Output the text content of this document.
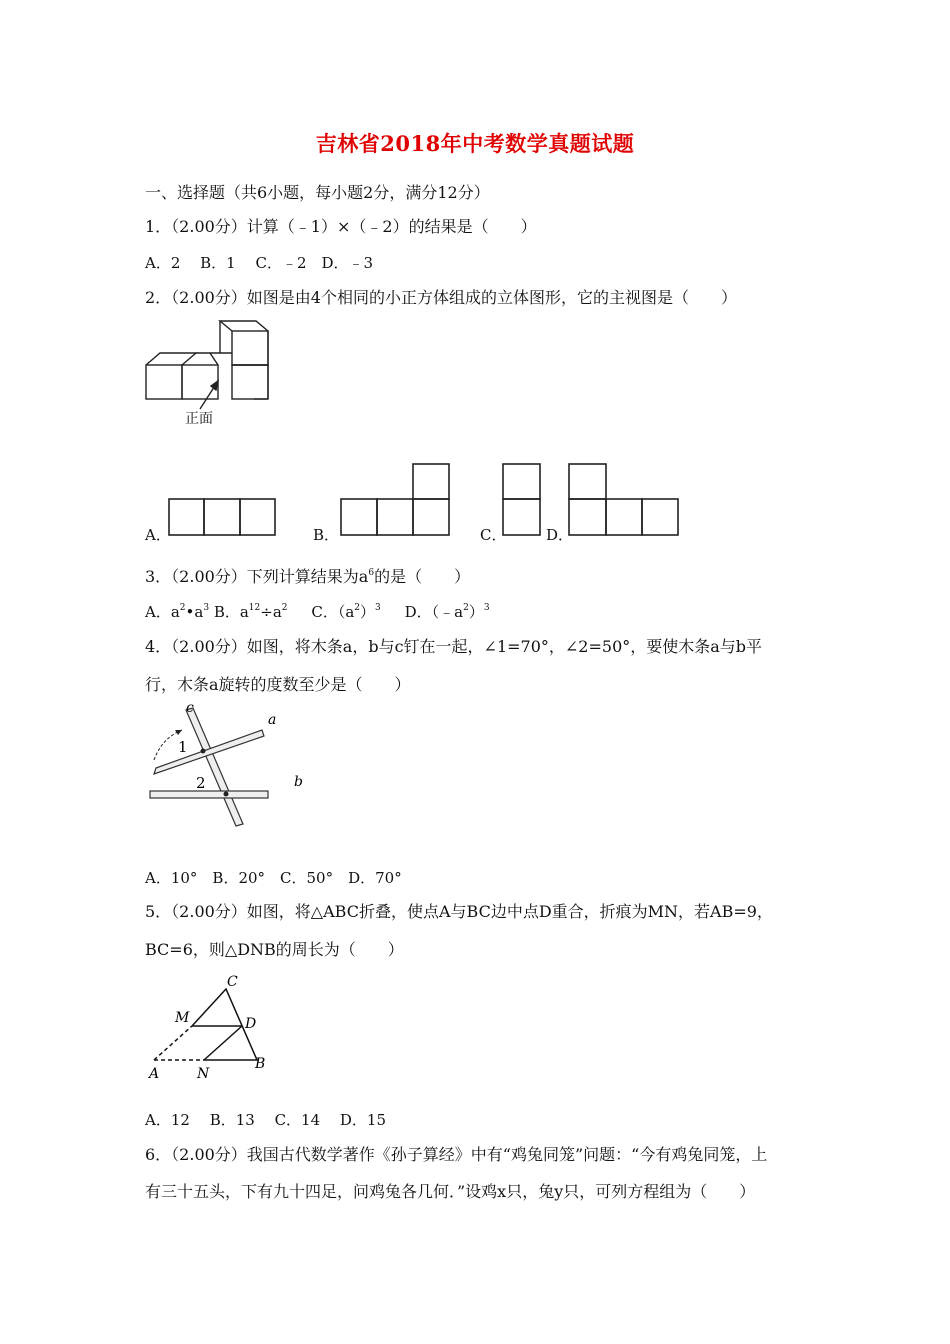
吉林省2018年中考数学真题试题
一、选择题（共6小题，每小题2分，满分12分）
1．（2.00分）计算（﹣1）×（﹣2）的结果是（　　）
A．2　 B．1　 C．﹣2　D．﹣3
2．（2.00分）如图是由4个相同的小正方体组成的立体图形，它的主视图是（　　）
正面
A．	B．	C．	D．
3．（2.00分）下列计算结果为$a^6$的是（　　）
A．$a^2•a^3$ B．$a^{12}\div a^2$ C．$(a^2)^3$ D．$(﹣a^2)^3$
4．（2.00分）如图，将木条a，b与c钉在一起，∠1=70°，∠2=50°，要使木条a与b平
行，木条a旋转的度数至少是（　　）
c
a
b
1
2
A．10°　B．20°　C．50°　D．70°
5．（2.00分）如图，将△ABC折叠，使点A与BC边中点D重合，折痕为MN，若AB=9，
BC=6，则△DNB的周长为（　　）
C
M	D
A	N
B
A．12　 B．13　 C．14　 D．15
6．（2.00分）我国古代数学著作《孙子算经》中有“鸡兔同笼”问题：“今有鸡兔同笼，上
有三十五头，下有九十四足，问鸡兔各几何．”设鸡x只，兔y只，可列方程组为（　　）
